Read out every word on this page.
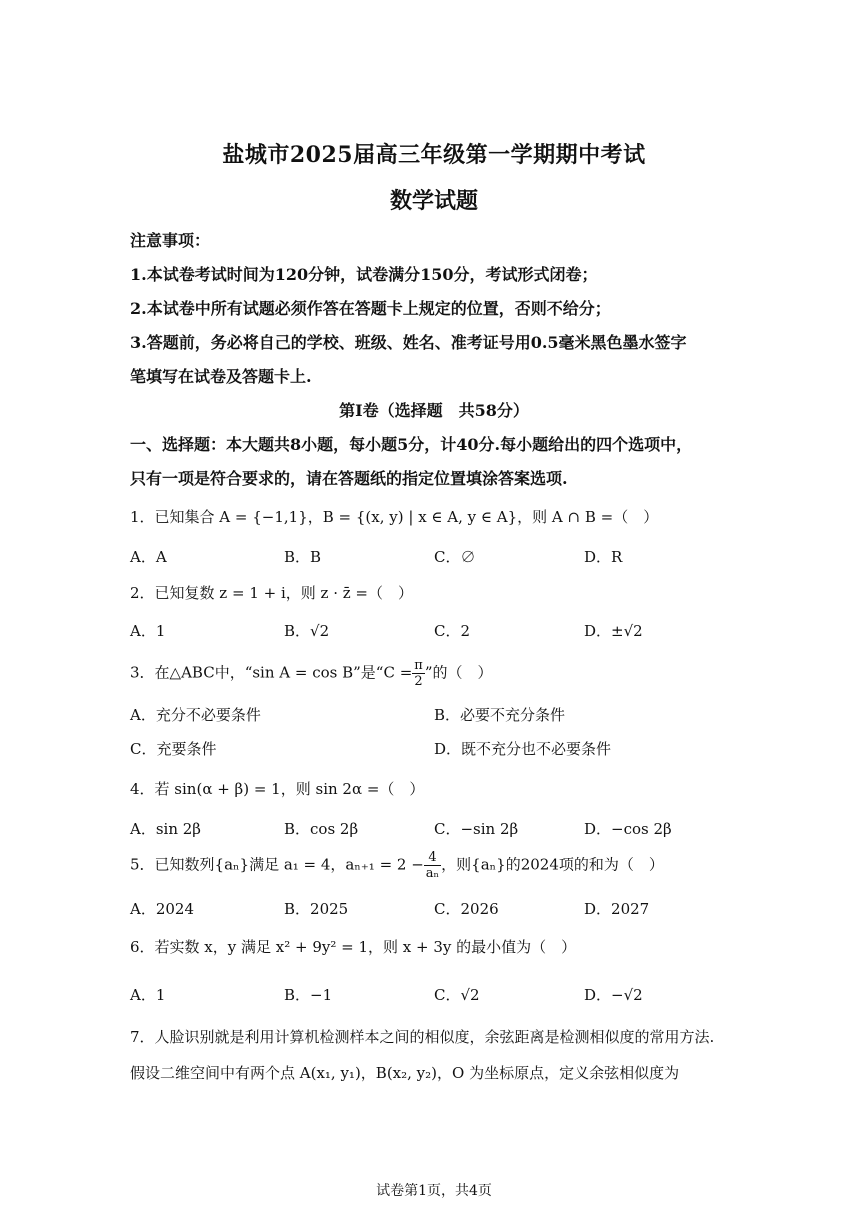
盐城市2025届高三年级第一学期期中考试
数学试题
注意事项：
1.本试卷考试时间为120分钟，试卷满分150分，考试形式闭卷；
2.本试卷中所有试题必须作答在答题卡上规定的位置，否则不给分；
3.答题前，务必将自己的学校、班级、姓名、准考证号用0.5毫米黑色墨水签字
笔填写在试卷及答题卡上.
第Ⅰ卷（选择题　共58分）
一、选择题：本大题共8小题，每小题5分，计40分.每小题给出的四个选项中，
只有一项是符合要求的，请在答题纸的指定位置填涂答案选项.
1．已知集合 A = {−1,1}，B = {(x, y) | x ∈ A, y ∈ A}，则 A ∩ B =（　）
A．A	B．B	C．∅	D．R
2．已知复数 z = 1 + i，则 z · z̄ =（　）
A．1	B．√2	C．2	D．±√2
3．在△ABC中，“sin A = cos B”是“$C = \frac{\pi}{2}$ ”的（　）
A．充分不必要条件	B．必要不充分条件
C．充要条件	D．既不充分也不必要条件
4．若 sin(α + β) = 1，则 sin 2α =（　）
A．sin 2β	B．cos 2β	C．−sin 2β	D．−cos 2β
5．已知数列{aₙ}满足 a₁ = 4，$a_{n+1} = 2 - \frac{4}{\text{aₙ}}$ ，则{aₙ}的2024项的和为（　）
A．2024	B．2025	C．2026	D．2027
6．若实数 x，y 满足 x² + 9y² = 1，则 x + 3y 的最小值为（　）
A．1	B．−1	C．√2	D．−√2
7．人脸识别就是利用计算机检测样本之间的相似度，余弦距离是检测相似度的常用方法.
假设二维空间中有两个点 A(x₁, y₁)，B(x₂, y₂)，O 为坐标原点，定义余弦相似度为
试卷第1页，共4页
